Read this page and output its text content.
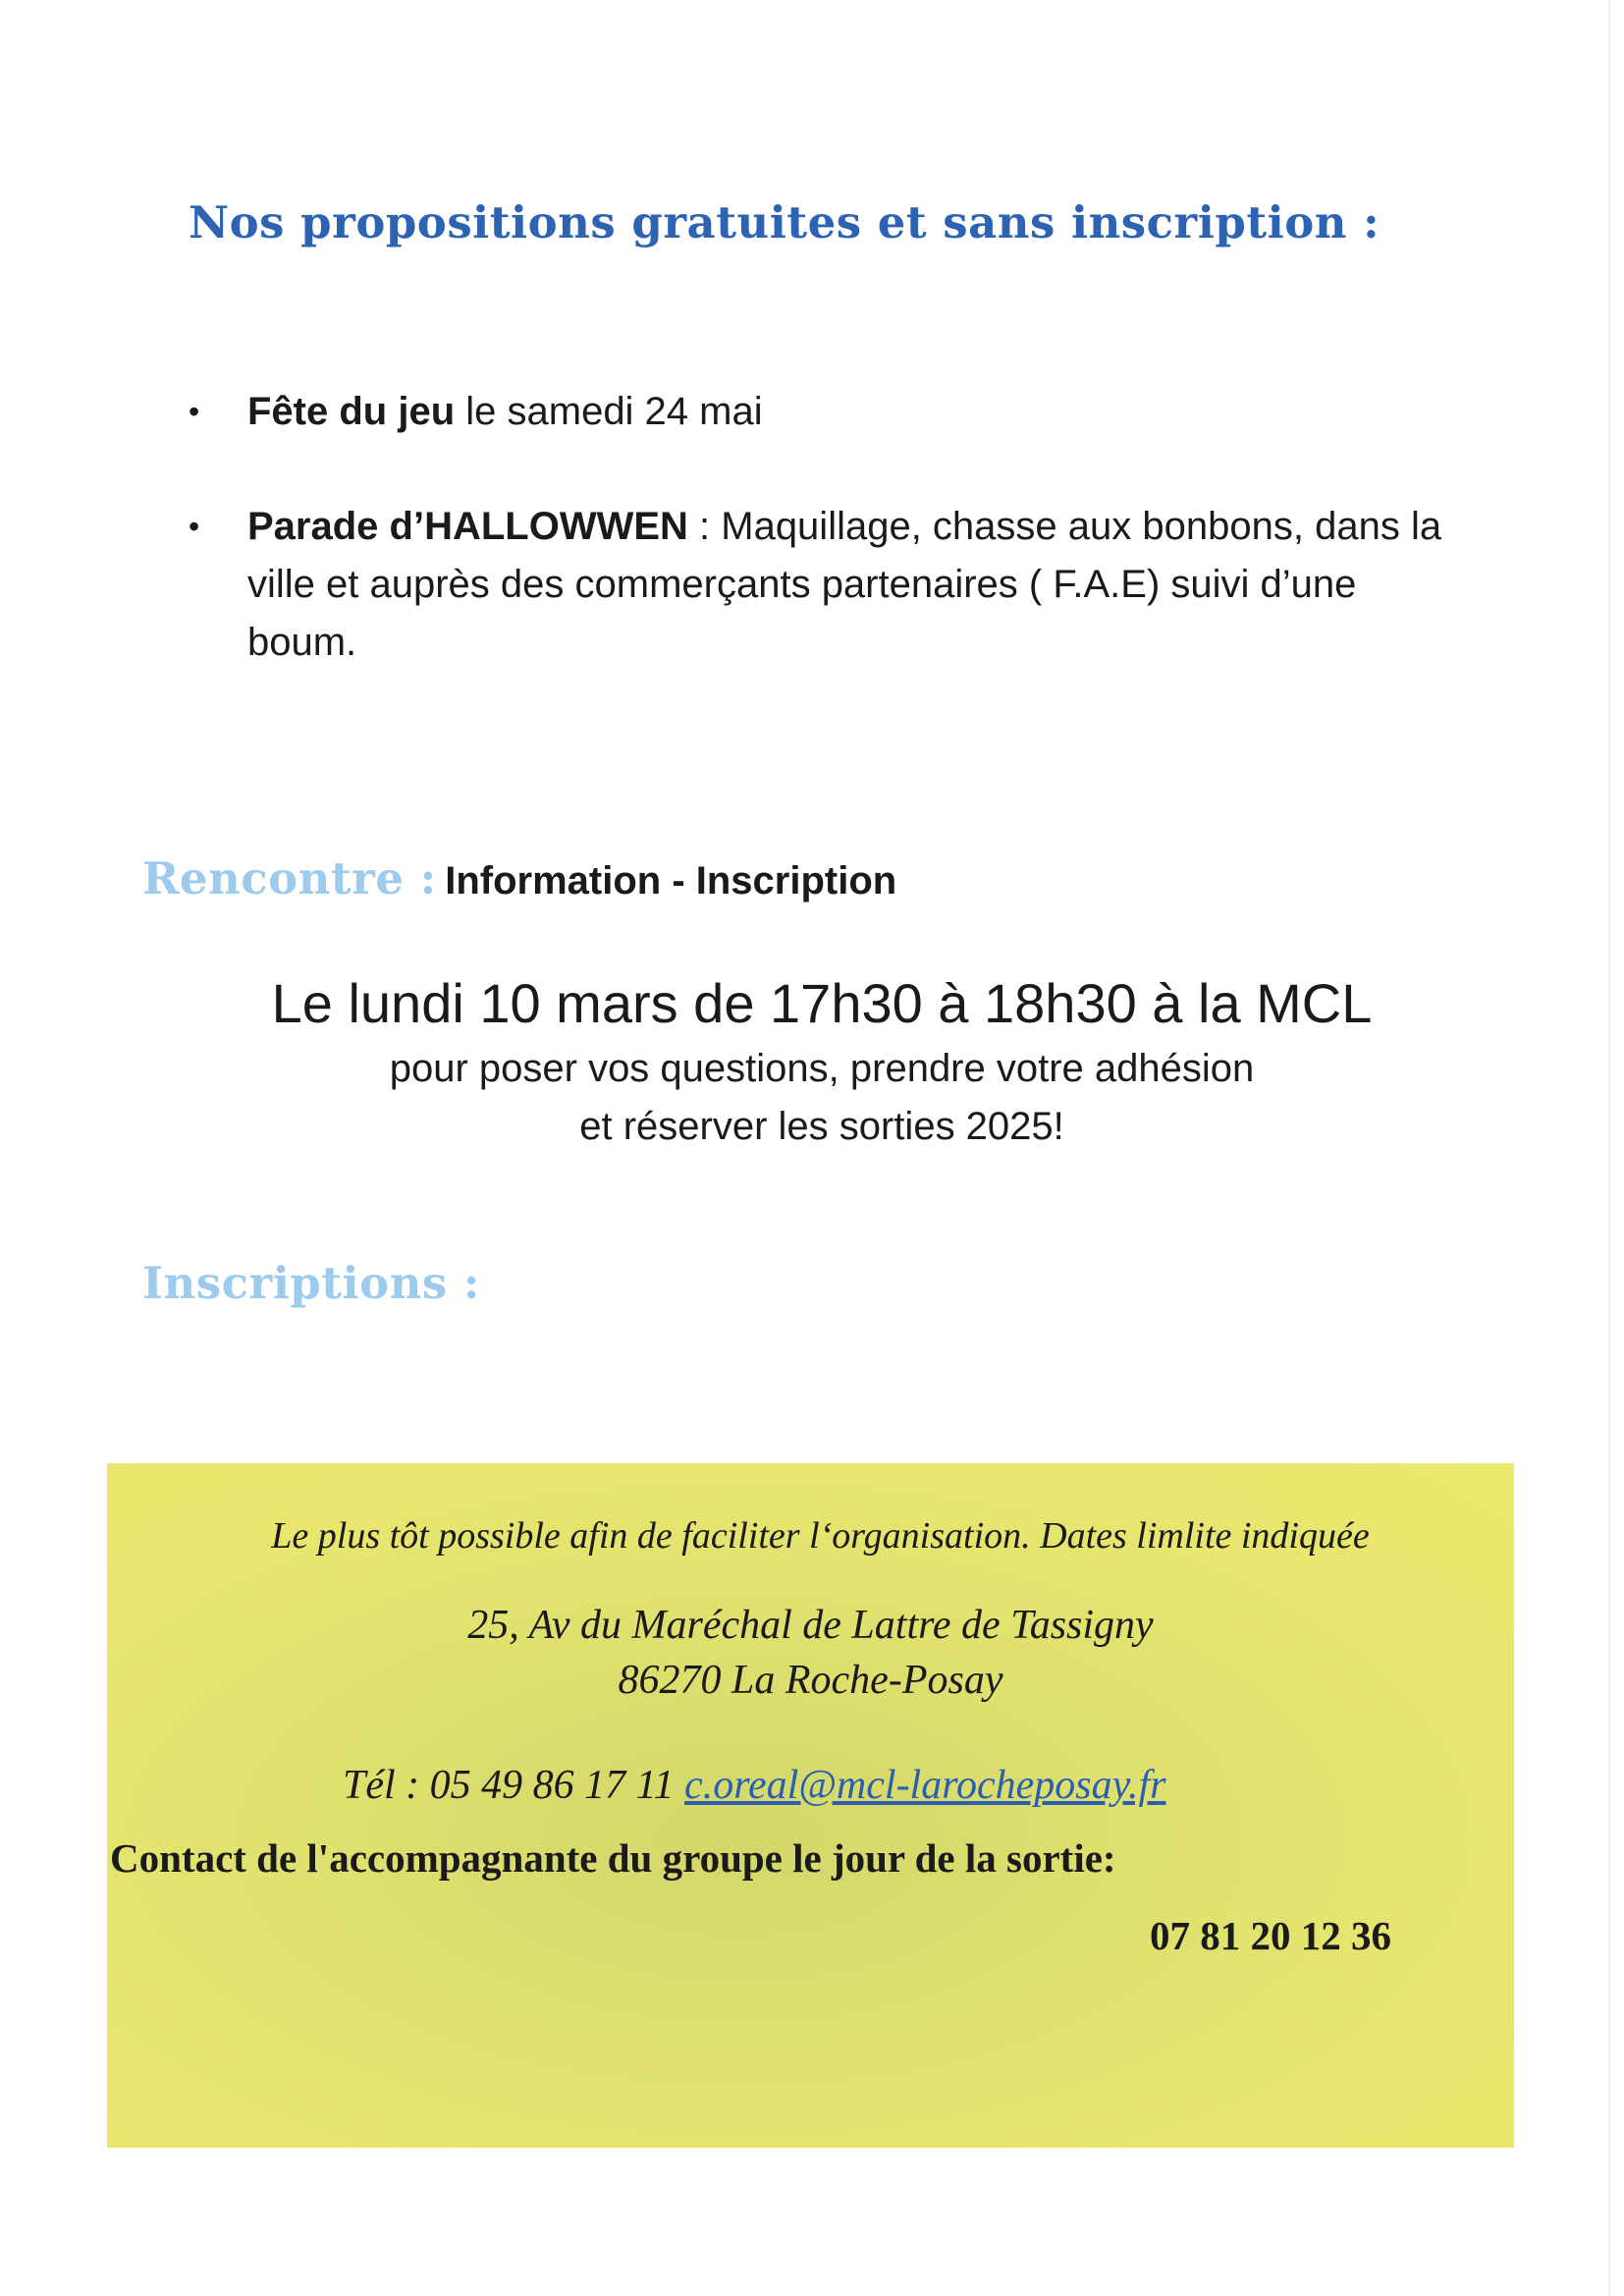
Nos propositions gratuites et sans inscription :
• Fête du jeu le samedi 24 mai
• Parade d’HALLOWWEN : Maquillage, chasse aux bonbons, dans la ville et auprès des commerçants partenaires ( F.A.E) suivi d’une boum.
Rencontre : Information - Inscription
Le lundi 10 mars de 17h30 à 18h30 à la MCL
pour poser vos questions, prendre votre adhésion
et réserver les sorties 2025!
Inscriptions :
Le plus tôt possible afin de faciliter l‘organisation. Dates limlite indiquée
25, Av du Maréchal de Lattre de Tassigny
86270 La Roche-Posay
Tél : 05 49 86 17 11 c.oreal@mcl-larocheposay.fr
Contact de l'accompagnante du groupe le jour de la sortie:
07 81 20 12 36
